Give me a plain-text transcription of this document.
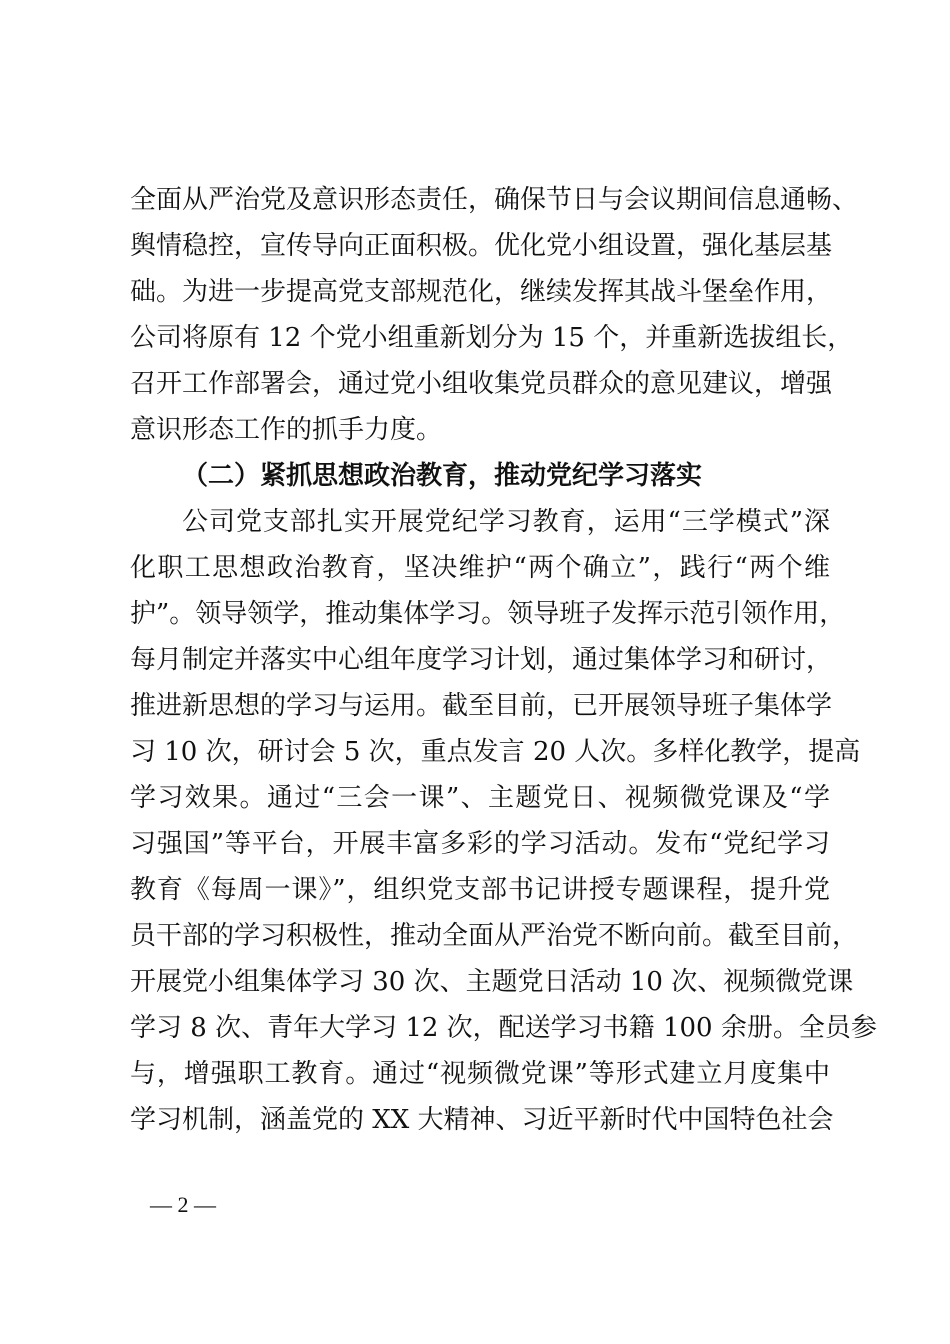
全面从严治党及意识形态责任，确保节日与会议期间信息通畅、
舆情稳控，宣传导向正面积极。优化党小组设置，强化基层基
础。为进一步提高党支部规范化，继续发挥其战斗堡垒作用，
公司将原有 12 个党小组重新划分为 15 个，并重新选拔组长，
召开工作部署会，通过党小组收集党员群众的意见建议，增强
意识形态工作的抓手力度。
（二）紧抓思想政治教育，推动党纪学习落实
公司党支部扎实开展党纪学习教育，运用“三学模式”深
化职工思想政治教育，坚决维护“两个确立”，践行“两个维
护”。领导领学，推动集体学习。领导班子发挥示范引领作用，
每月制定并落实中心组年度学习计划，通过集体学习和研讨，
推进新思想的学习与运用。截至目前，已开展领导班子集体学
习 10 次，研讨会 5 次，重点发言 20 人次。多样化教学，提高
学习效果。通过“三会一课”、主题党日、视频微党课及“学
习强国”等平台，开展丰富多彩的学习活动。发布“党纪学习
教育《每周一课》”，组织党支部书记讲授专题课程，提升党
员干部的学习积极性，推动全面从严治党不断向前。截至目前，
开展党小组集体学习 30 次、主题党日活动 10 次、视频微党课
学习 8 次、青年大学习 12 次，配送学习书籍 100 余册。全员参
与，增强职工教育。通过“视频微党课”等形式建立月度集中
学习机制，涵盖党的 XX 大精神、习近平新时代中国特色社会
— 2 —
